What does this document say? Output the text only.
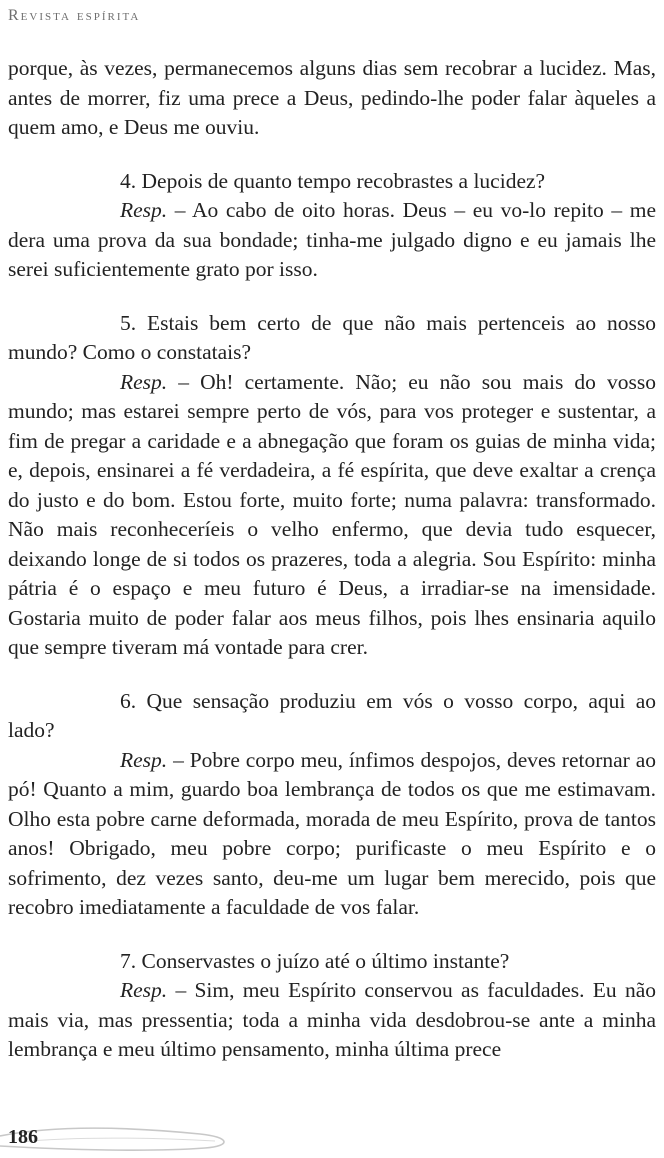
Revista espírita

porque, às vezes, permanecemos alguns dias sem recobrar a lucidez. Mas, antes de morrer, fiz uma prece a Deus, pedindo-lhe poder falar àqueles a quem amo, e Deus me ouviu.

4. Depois de quanto tempo recobrastes a lucidez?

Resp. – Ao cabo de oito horas. Deus – eu vo-lo repito – me dera uma prova da sua bondade; tinha-me julgado digno e eu jamais lhe serei suficientemente grato por isso.

5. Estais bem certo de que não mais pertenceis ao nosso mundo? Como o constatais?

Resp. – Oh! certamente. Não; eu não sou mais do vosso mundo; mas estarei sempre perto de vós, para vos proteger e sustentar, a fim de pregar a caridade e a abnegação que foram os guias de minha vida; e, depois, ensinarei a fé verdadeira, a fé espírita, que deve exaltar a crença do justo e do bom. Estou forte, muito forte; numa palavra: transformado. Não mais reconheceríeis o velho enfermo, que devia tudo esquecer, deixando longe de si todos os prazeres, toda a alegria. Sou Espírito: minha pátria é o espaço e meu futuro é Deus, a irradiar-se na imensidade. Gostaria muito de poder falar aos meus filhos, pois lhes ensinaria aquilo que sempre tiveram má vontade para crer.

6. Que sensação produziu em vós o vosso corpo, aqui ao lado?

Resp. – Pobre corpo meu, ínfimos despojos, deves retornar ao pó! Quanto a mim, guardo boa lembrança de todos os que me estimavam. Olho esta pobre carne deformada, morada de meu Espírito, prova de tantos anos! Obrigado, meu pobre corpo; purificaste o meu Espírito e o sofrimento, dez vezes santo, deu-me um lugar bem merecido, pois que recobro imediatamente a faculdade de vos falar.

7. Conservastes o juízo até o último instante?

Resp. – Sim, meu Espírito conservou as faculdades. Eu não mais via, mas pressentia; toda a minha vida desdobrou-se ante a minha lembrança e meu último pensamento, minha última prece

186
